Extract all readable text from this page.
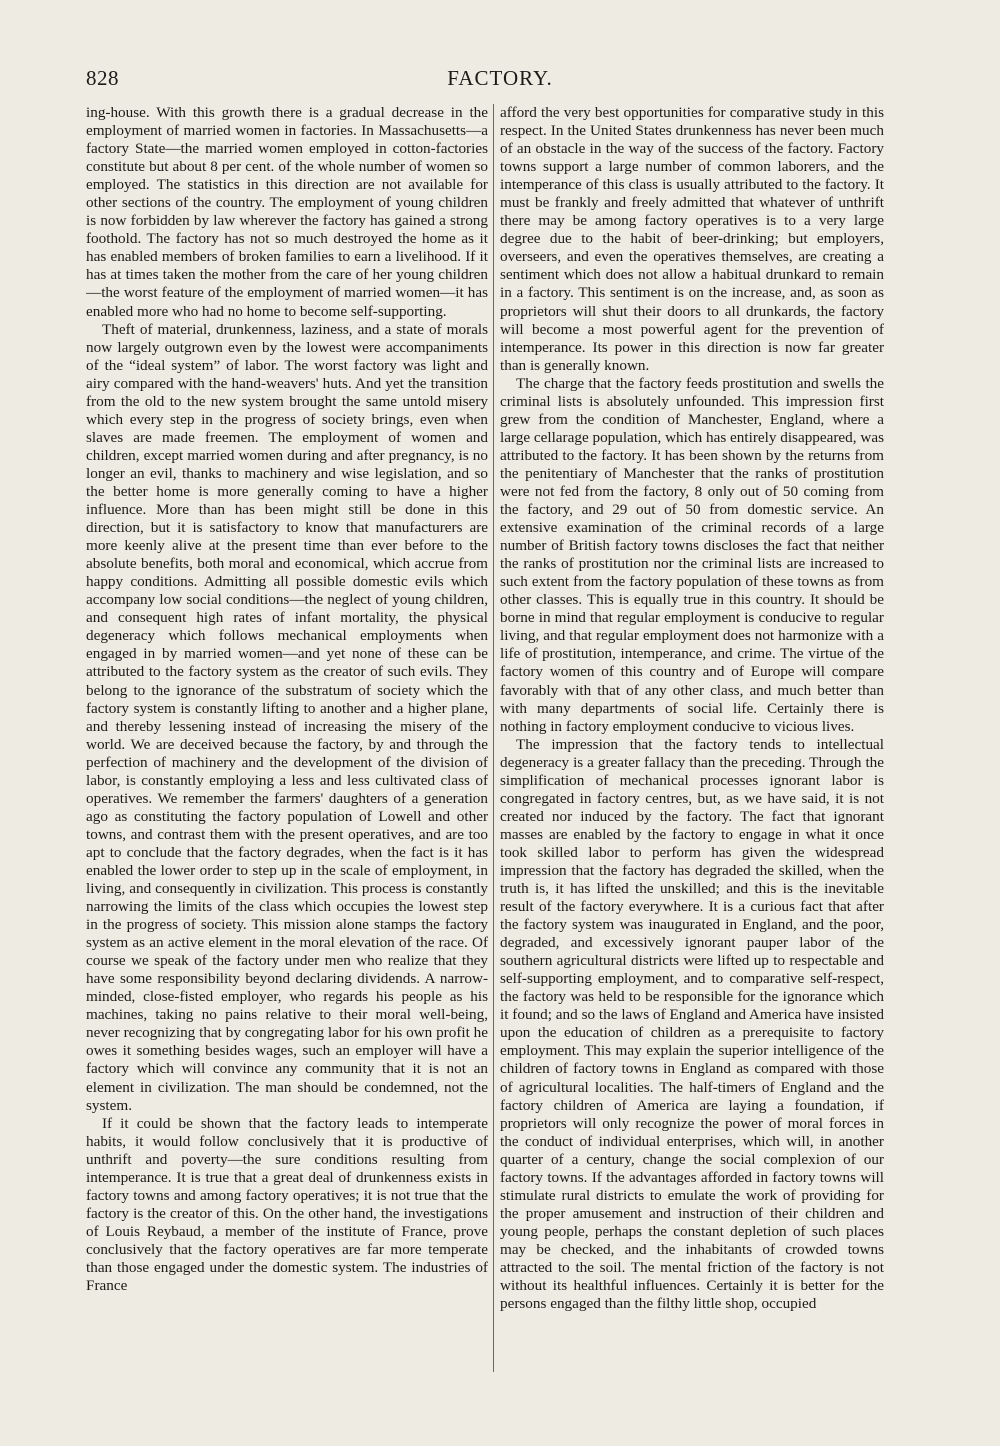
828	FACTORY.

ing-house. With this growth there is a gradual decrease in the employment of married women in factories. In Massachusetts—a factory State—the married women employed in cotton-factories constitute but about 8 per cent. of the whole number of women so employed. The statistics in this direction are not available for other sections of the country. The employment of young children is now forbidden by law wherever the factory has gained a strong foothold. The factory has not so much destroyed the home as it has enabled members of broken families to earn a livelihood. If it has at times taken the mother from the care of her young children—the worst feature of the employment of married women—it has enabled more who had no home to become self-supporting.

Theft of material, drunkenness, laziness, and a state of morals now largely outgrown even by the lowest were accompaniments of the “ideal system” of labor. The worst factory was light and airy compared with the hand-weavers' huts. And yet the transition from the old to the new system brought the same untold misery which every step in the progress of society brings, even when slaves are made freemen. The employment of women and children, except married women during and after pregnancy, is no longer an evil, thanks to machinery and wise legislation, and so the better home is more generally coming to have a higher influence. More than has been might still be done in this direction, but it is satisfactory to know that manufacturers are more keenly alive at the present time than ever before to the absolute benefits, both moral and economical, which accrue from happy conditions. Admitting all possible domestic evils which accompany low social conditions—the neglect of young children, and consequent high rates of infant mortality, the physical degeneracy which follows mechanical employments when engaged in by married women—and yet none of these can be attributed to the factory system as the creator of such evils. They belong to the ignorance of the substratum of society which the factory system is constantly lifting to another and a higher plane, and thereby lessening instead of increasing the misery of the world. We are deceived because the factory, by and through the perfection of machinery and the development of the division of labor, is constantly employing a less and less cultivated class of operatives. We remember the farmers' daughters of a generation ago as constituting the factory population of Lowell and other towns, and contrast them with the present operatives, and are too apt to conclude that the factory degrades, when the fact is it has enabled the lower order to step up in the scale of employment, in living, and consequently in civilization. This process is constantly narrowing the limits of the class which occupies the lowest step in the progress of society. This mission alone stamps the factory system as an active element in the moral elevation of the race. Of course we speak of the factory under men who realize that they have some responsibility beyond declaring dividends. A narrow-minded, close-fisted employer, who regards his people as his machines, taking no pains relative to their moral well-being, never recognizing that by congregating labor for his own profit he owes it something besides wages, such an employer will have a factory which will convince any community that it is not an element in civilization. The man should be condemned, not the system.

If it could be shown that the factory leads to intemperate habits, it would follow conclusively that it is productive of unthrift and poverty—the sure conditions resulting from intemperance. It is true that a great deal of drunkenness exists in factory towns and among factory operatives; it is not true that the factory is the creator of this. On the other hand, the investigations of Louis Reybaud, a member of the institute of France, prove conclusively that the factory operatives are far more temperate than those engaged under the domestic system. The industries of France

afford the very best opportunities for comparative study in this respect. In the United States drunkenness has never been much of an obstacle in the way of the success of the factory. Factory towns support a large number of common laborers, and the intemperance of this class is usually attributed to the factory. It must be frankly and freely admitted that whatever of unthrift there may be among factory operatives is to a very large degree due to the habit of beer-drinking; but employers, overseers, and even the operatives themselves, are creating a sentiment which does not allow a habitual drunkard to remain in a factory. This sentiment is on the increase, and, as soon as proprietors will shut their doors to all drunkards, the factory will become a most powerful agent for the prevention of intemperance. Its power in this direction is now far greater than is generally known.

The charge that the factory feeds prostitution and swells the criminal lists is absolutely unfounded. This impression first grew from the condition of Manchester, England, where a large cellarage population, which has entirely disappeared, was attributed to the factory. It has been shown by the returns from the penitentiary of Manchester that the ranks of prostitution were not fed from the factory, 8 only out of 50 coming from the factory, and 29 out of 50 from domestic service. An extensive examination of the criminal records of a large number of British factory towns discloses the fact that neither the ranks of prostitution nor the criminal lists are increased to such extent from the factory population of these towns as from other classes. This is equally true in this country. It should be borne in mind that regular employment is conducive to regular living, and that regular employment does not harmonize with a life of prostitution, intemperance, and crime. The virtue of the factory women of this country and of Europe will compare favorably with that of any other class, and much better than with many departments of social life. Certainly there is nothing in factory employment conducive to vicious lives.

The impression that the factory tends to intellectual degeneracy is a greater fallacy than the preceding. Through the simplification of mechanical processes ignorant labor is congregated in factory centres, but, as we have said, it is not created nor induced by the factory. The fact that ignorant masses are enabled by the factory to engage in what it once took skilled labor to perform has given the widespread impression that the factory has degraded the skilled, when the truth is, it has lifted the unskilled; and this is the inevitable result of the factory everywhere. It is a curious fact that after the factory system was inaugurated in England, and the poor, degraded, and excessively ignorant pauper labor of the southern agricultural districts were lifted up to respectable and self-supporting employment, and to comparative self-respect, the factory was held to be responsible for the ignorance which it found; and so the laws of England and America have insisted upon the education of children as a prerequisite to factory employment. This may explain the superior intelligence of the children of factory towns in England as compared with those of agricultural localities. The half-timers of England and the factory children of America are laying a foundation, if proprietors will only recognize the power of moral forces in the conduct of individual enterprises, which will, in another quarter of a century, change the social complexion of our factory towns. If the advantages afforded in factory towns will stimulate rural districts to emulate the work of providing for the proper amusement and instruction of their children and young people, perhaps the constant depletion of such places may be checked, and the inhabitants of crowded towns attracted to the soil. The mental friction of the factory is not without its healthful influences. Certainly it is better for the persons engaged than the filthy little shop, occupied
